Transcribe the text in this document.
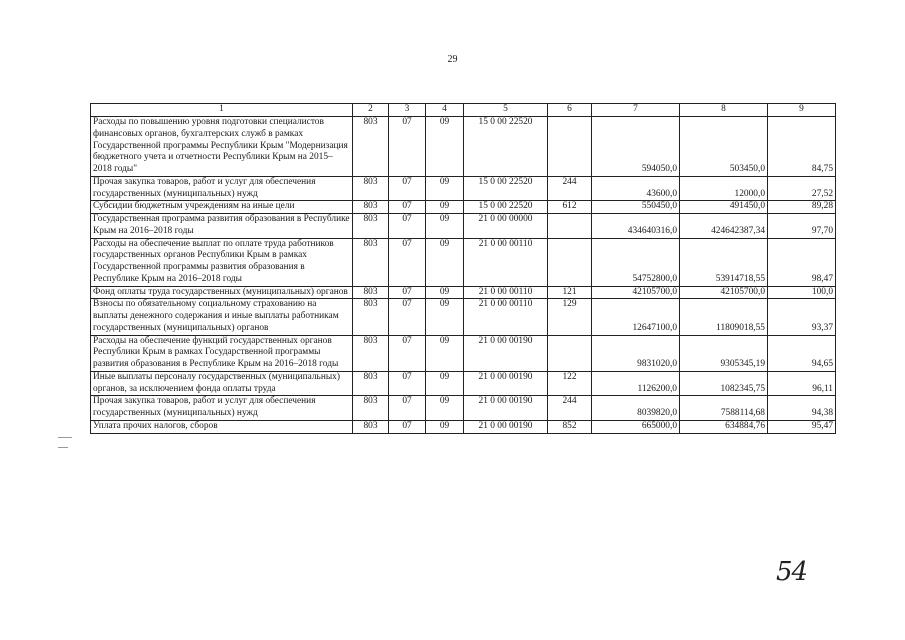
29
1	2	3	4	5	6	7	8	9
Расходы по повышению уровня подготовки специалистов финансовых органов, бухгалтерских служб в рамках Государственной программы Республики Крым "Модернизация бюджетного учета и отчетности Республики Крым на 2015–2018 годы"	803	07	09	15 0 00 22520		594050,0	503450,0	84,75
Прочая закупка товаров, работ и услуг для обеспечения государственных (муниципальных) нужд	803	07	09	15 0 00 22520	244	43600,0	12000,0	27,52
Субсидии бюджетным учреждениям на иные цели	803	07	09	15 0 00 22520	612	550450,0	491450,0	89,28
Государственная программа развития образования в Республике Крым на 2016–2018 годы	803	07	09	21 0 00 00000		434640316,0	424642387,34	97,70
Расходы на обеспечение выплат по оплате труда работников государственных органов Республики Крым в рамках Государственной программы развития образования в Республике Крым на 2016–2018 годы	803	07	09	21 0 00 00110		54752800,0	53914718,55	98,47
Фонд оплаты труда государственных (муниципальных) органов	803	07	09	21 0 00 00110	121	42105700,0	42105700,0	100,0
Взносы по обязательному социальному страхованию на выплаты денежного содержания и иные выплаты работникам государственных (муниципальных) органов	803	07	09	21 0 00 00110	129	12647100,0	11809018,55	93,37
Расходы на обеспечение функций государственных органов Республики Крым в рамках Государственной программы развития образования в Республике Крым на 2016–2018 годы	803	07	09	21 0 00 00190		9831020,0	9305345,19	94,65
Иные выплаты персоналу государственных (муниципальных) органов, за исключением фонда оплаты труда	803	07	09	21 0 00 00190	122	1126200,0	1082345,75	96,11
Прочая закупка товаров, работ и услуг для обеспечения государственных (муниципальных) нужд	803	07	09	21 0 00 00190	244	8039820,0	7588114,68	94,38
Уплата прочих налогов, сборов	803	07	09	21 0 00 00190	852	665000,0	634884,76	95,47
54
